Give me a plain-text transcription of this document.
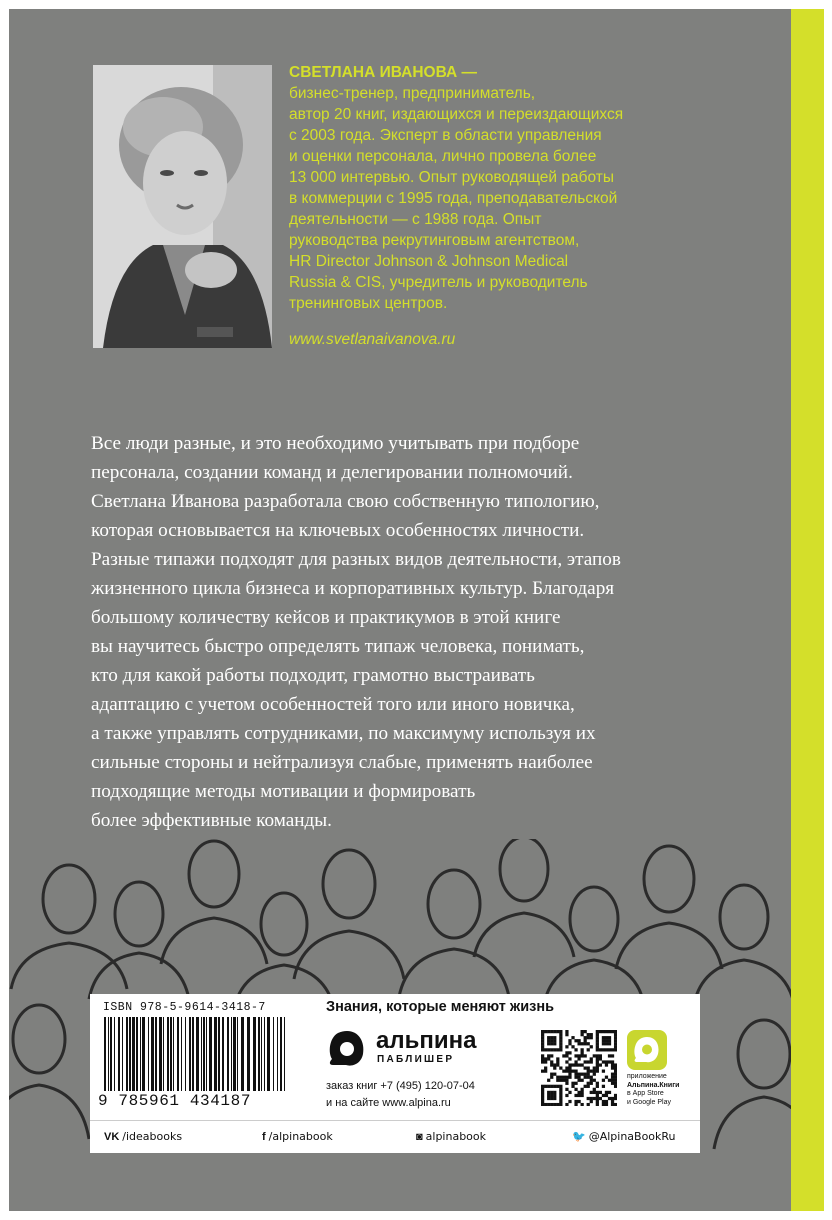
СВЕТЛАНА ИВАНОВА —
бизнес-тренер, предприниматель,
автор 20 книг, издающихся и переиздающихся
с 2003 года. Эксперт в области управления
и оценки персонала, лично провела более
13 000 интервью. Опыт руководящей работы
в коммерции с 1995 года, преподавательской
деятельности — с 1988 года. Опыт
руководства рекрутинговым агентством,
HR Director Johnson & Johnson Medical
Russia & CIS, учредитель и руководитель
тренинговых центров.
www.svetlanaivanova.ru
Все люди разные, и это необходимо учитывать при подборе
персонала, создании команд и делегировании полномочий.
Светлана Иванова разработала свою собственную типологию,
которая основывается на ключевых особенностях личности.
Разные типажи подходят для разных видов деятельности, этапов
жизненного цикла бизнеса и корпоративных культур. Благодаря
большому количеству кейсов и практикумов в этой книге
вы научитесь быстро определять типаж человека, понимать,
кто для какой работы подходит, грамотно выстраивать
адаптацию с учетом особенностей того или иного новичка,
а также управлять сотрудниками, по максимуму используя их
сильные стороны и нейтрализуя слабые, применять наиболее
подходящие методы мотивации и формировать
более эффективные команды.
ISBN 978-5-9614-3418-7
9 785961 434187
Знания, которые меняют жизнь
альпина
ПАБЛИШЕР
заказ книг +7 (495) 120-07-04
и на сайте www.alpina.ru
приложение
Альпина.Книги
в App Store
и Google Play
VK /ideabooks	f /alpinabook	◙ alpinabook	🐦 @AlpinaBookRu
